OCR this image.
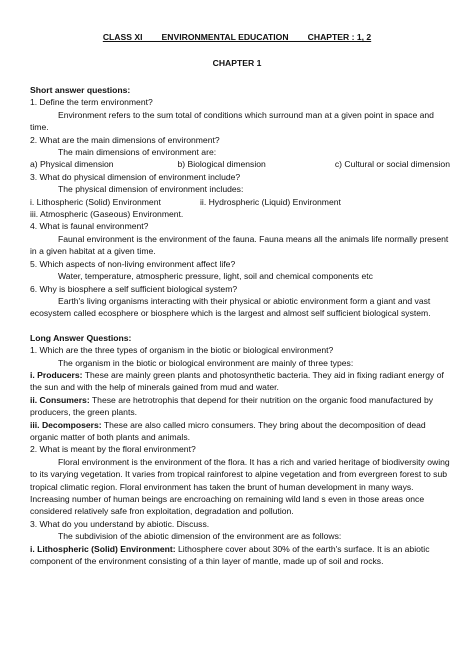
CLASS XI        ENVIRONMENTAL EDUCATION        CHAPTER : 1, 2
CHAPTER 1
Short answer questions:
1. Define the term environment?
Environment refers to the sum total of conditions which surround man at a given point in space and time.
2. What are the main dimensions of environment?
The main dimensions of environment are:
a) Physical dimension	b) Biological dimension	c) Cultural or social dimension
3. What do physical dimension of environment include?
The physical dimension of environment includes:
i. Lithospheric (Solid) Environment	ii. Hydrospheric (Liquid) Environment
iii. Atmospheric (Gaseous) Environment.
4. What is faunal environment?
Faunal environment is the environment of the fauna. Fauna means all the animals life normally present in a given habitat at a given time.
5. Which aspects of non-living environment affect life?
Water, temperature, atmospheric pressure, light, soil and chemical components etc
6. Why is biosphere a self sufficient biological system?
Earth's living organisms interacting with their physical or abiotic environment form a giant and vast ecosystem called ecosphere or biosphere which is the largest and almost self sufficient biological system.
Long Answer Questions:
1. Which are the three types of organism in the biotic or biological environment?
The organism in the biotic or biological environment are mainly of three types:
i. Producers: These are mainly green plants and photosynthetic bacteria. They aid in fixing radiant energy of the sun and with the help of minerals gained from mud and water.
ii. Consumers: These are hetrotrophis that depend for their nutrition on the organic food manufactured by producers, the green plants.
iii. Decomposers: These are also called micro consumers. They bring about the decomposition of dead organic matter of both plants and animals.
2. What is meant by the floral environment?
Floral environment is the environment of the flora. It has a rich and varied heritage of biodiversity owing to its varying vegetation. It varies from tropical rainforest to alpine vegetation and from evergreen forest to sub tropical climatic region. Floral environment has taken the brunt of human development in many ways. Increasing number of human beings are encroaching on remaining wild land s even in those areas once considered relatively safe fron exploitation, degradation and pollution.
3. What do you understand by abiotic. Discuss.
The subdivision of the abiotic dimension of the environment are as follows:
i. Lithospheric (Solid) Environment: Lithosphere cover about 30% of the earth's surface. It is an abiotic component of the environment consisting of a thin layer of mantle, made up of soil and rocks.
